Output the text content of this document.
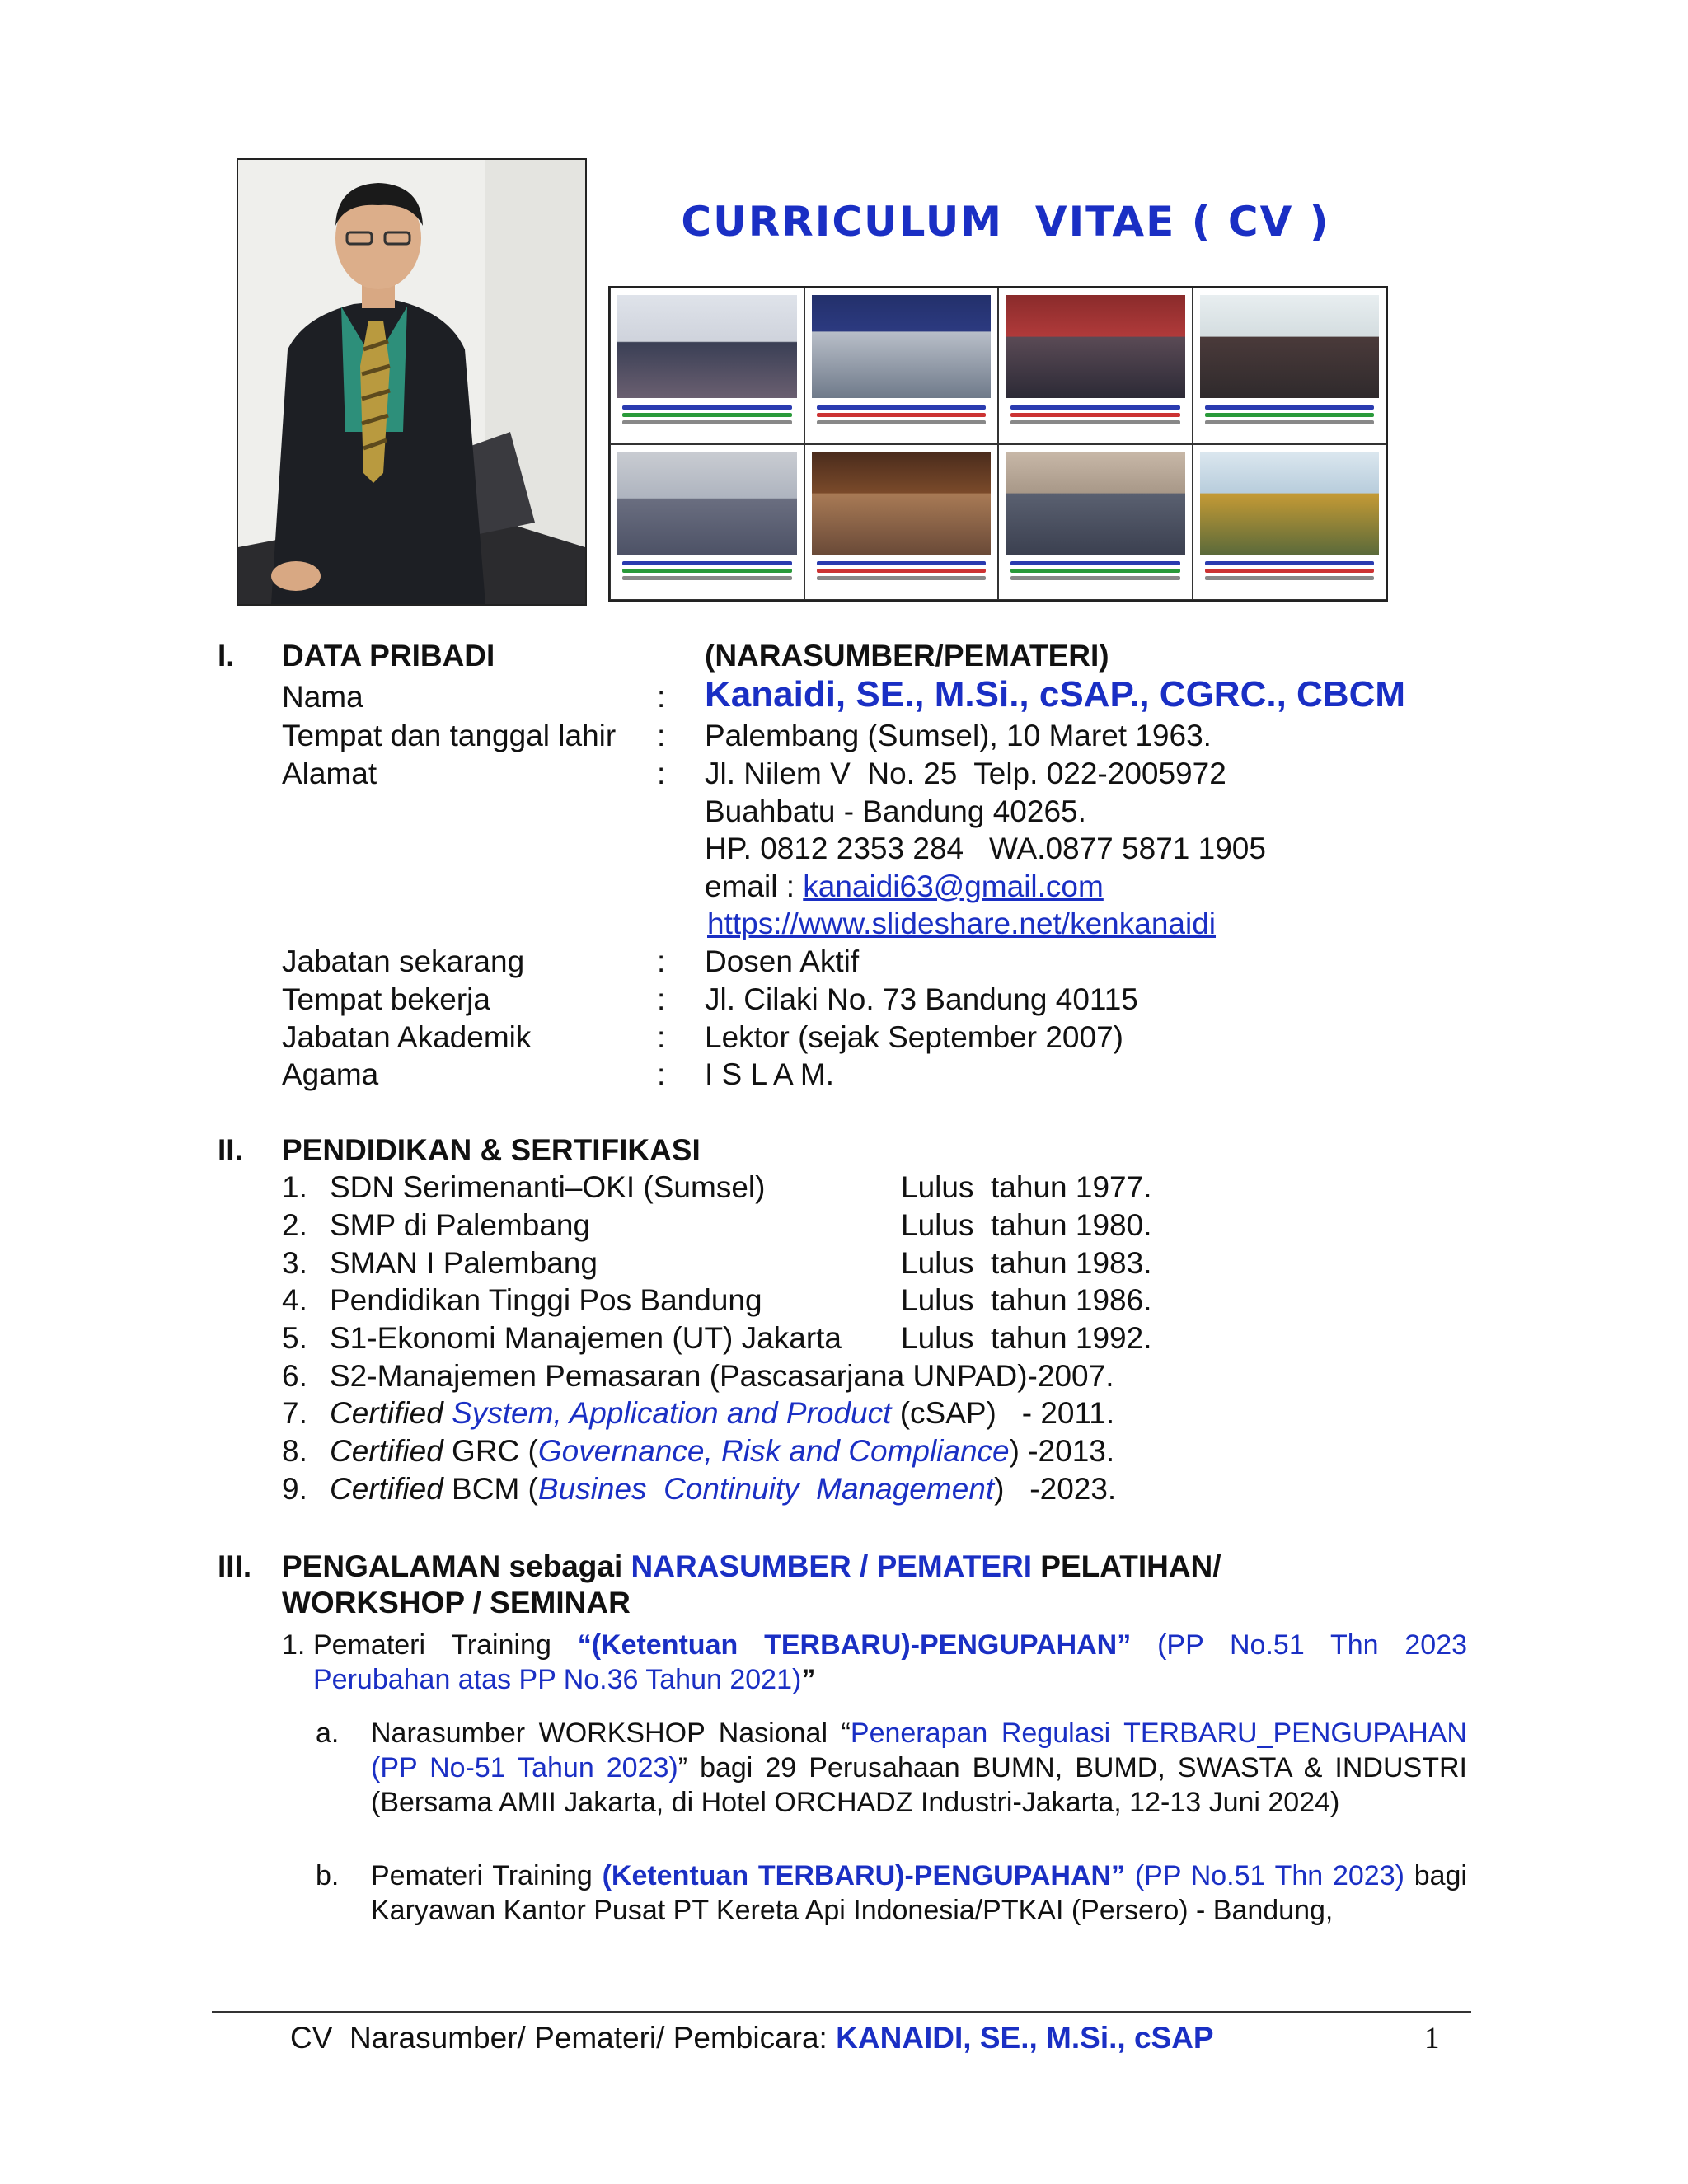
CURRICULUM  VITAE ( CV )
I. DATA PRIBADI	(NARASUMBER/PEMATERI)
Nama	: Kanaidi, SE., M.Si., cSAP., CGRC., CBCM
Tempat dan tanggal lahir : Palembang (Sumsel), 10 Maret 1963.
Alamat	: Jl. Nilem V  No. 25  Telp. 022-2005972
Buahbatu - Bandung 40265.
HP. 0812 2353 284   WA.0877 5871 1905
email : kanaidi63@gmail.com
https://www.slideshare.net/kenkanaidi
Jabatan sekarang	: Dosen Aktif
Tempat bekerja	: Jl. Cilaki No. 73 Bandung 40115
Jabatan Akademik	: Lektor (sejak September 2007)
Agama	: I S L A M.
II. PENDIDIKAN & SERTIFIKASI
1. SDN Serimenanti–OKI (Sumsel)	Lulus  tahun 1977.
2. SMP di Palembang	Lulus  tahun 1980.
3. SMAN I Palembang	Lulus  tahun 1983.
4. Pendidikan Tinggi Pos Bandung	Lulus  tahun 1986.
5. S1-Ekonomi Manajemen (UT) Jakarta Lulus  tahun 1992.
6. S2-Manajemen Pemasaran (Pascasarjana UNPAD)-2007.
7. Certified System, Application and Product (cSAP)   - 2011.
8. Certified GRC (Governance, Risk and Compliance) -2013.
9. Certified BCM (Busines  Continuity  Management)   -2023.
III. PENGALAMAN sebagai NARASUMBER / PEMATERI PELATIHAN/
WORKSHOP / SEMINAR
1. Pemateri Training “(Ketentuan TERBARU)-PENGUPAHAN” (PP No.51 Thn 2023 Perubahan atas PP No.36 Tahun 2021)”
a.	Narasumber WORKSHOP Nasional “Penerapan Regulasi TERBARU_PENGUPAHAN (PP No-51 Tahun 2023)” bagi 29 Perusahaan BUMN, BUMD, SWASTA & INDUSTRI (Bersama AMII Jakarta, di Hotel ORCHADZ Industri-Jakarta, 12-13 Juni 2024)
b.	Pemateri Training (Ketentuan TERBARU)-PENGUPAHAN” (PP No.51 Thn 2023) bagi Karyawan Kantor Pusat PT Kereta Api Indonesia/PTKAI (Persero) - Bandung,
CV  Narasumber/ Pemateri/ Pembicara: KANAIDI, SE., M.Si., cSAP	1
